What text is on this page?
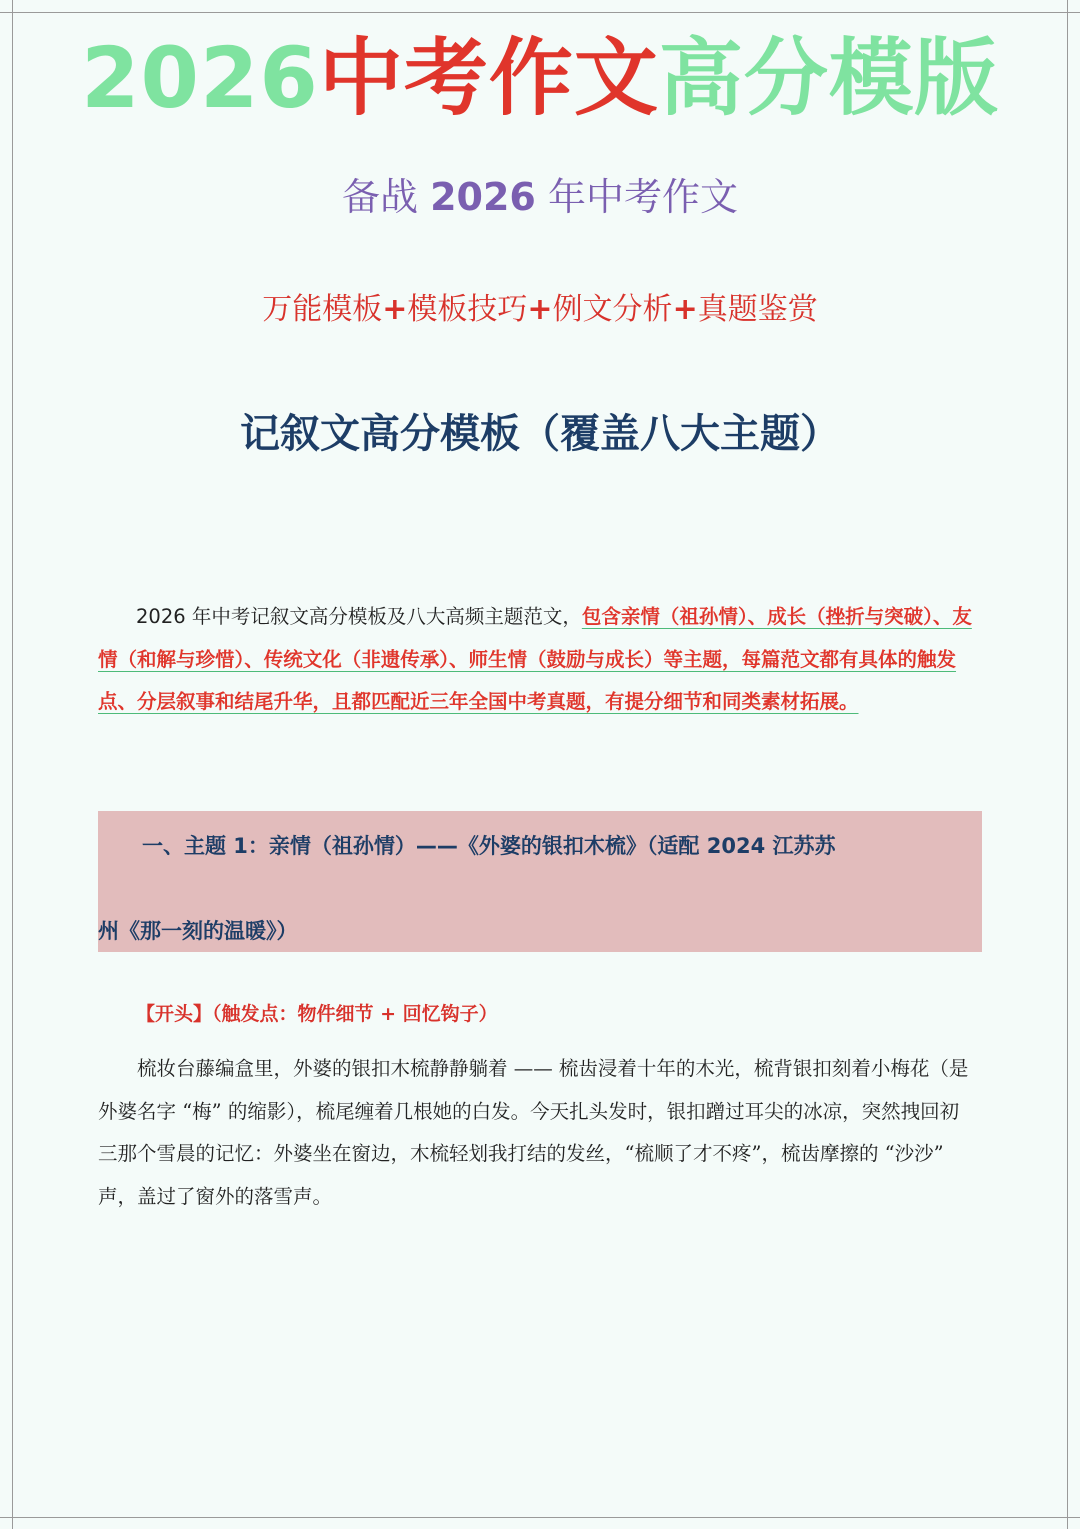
2026中考作文高分模版
备战 2026 年中考作文
万能模板+模板技巧+例文分析+真题鉴赏
记叙文高分模板（覆盖八大主题）

2026 年中考记叙文高分模板及八大高频主题范文，包含亲情（祖孙情）、成长（挫折与突破）、友情（和解与珍惜）、传统文化（非遗传承）、师生情（鼓励与成长）等主题，每篇范文都有具体的触发点、分层叙事和结尾升华，且都匹配近三年全国中考真题，有提分细节和同类素材拓展。

一、主题 1：亲情（祖孙情）——《外婆的银扣木梳》（适配 2024 江苏苏
州《那一刻的温暖》）
【开头】（触发点：物件细节 + 回忆钩子）

梳妆台藤编盒里，外婆的银扣木梳静静躺着 —— 梳齿浸着十年的木光，梳背银扣刻着小梅花（是外婆名字 “梅” 的缩影），梳尾缠着几根她的白发。今天扎头发时，银扣蹭过耳尖的冰凉，突然拽回初三那个雪晨的记忆：外婆坐在窗边，木梳轻划我打结的发丝，“梳顺了才不疼”，梳齿摩擦的 “沙沙” 声，盖过了窗外的落雪声。
